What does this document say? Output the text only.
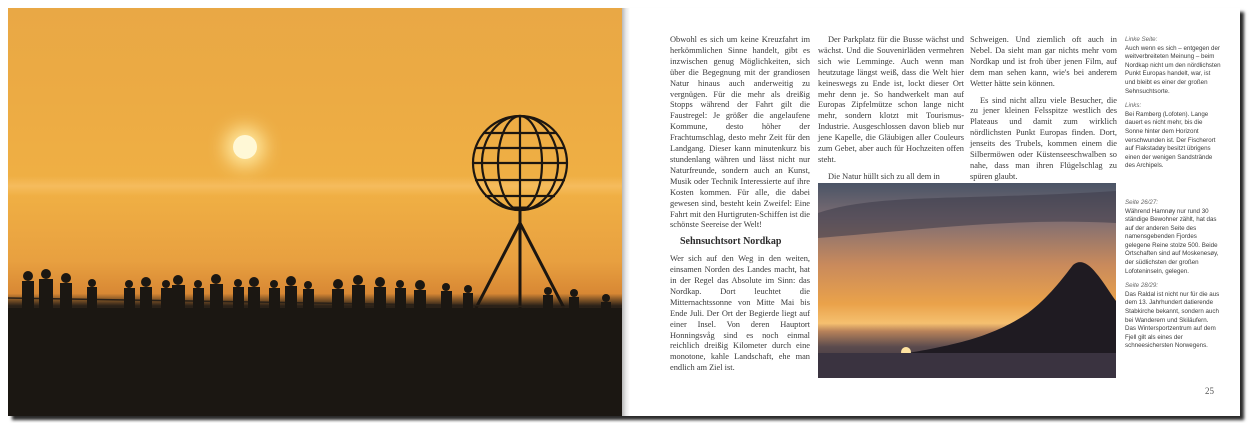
Obwohl es sich um keine Kreuzfahrt im herkömmlichen Sinne handelt, gibt es inzwischen genug Möglichkeiten, sich über die Begegnung mit der grandiosen Natur hinaus auch anderweitig zu vergnügen. Für die mehr als dreißig Stopps während der Fahrt gilt die Faustregel: Je größer die angelaufene Kommune, desto höher der Frachtumschlag, desto mehr Zeit für den Landgang. Dieser kann minutenkurz bis stundenlang währen und lässt nicht nur Naturfreunde, sondern auch an Kunst, Musik oder Technik Interessierte auf ihre Kosten kommen. Für alle, die dabei gewesen sind, besteht kein Zweifel: Eine Fahrt mit den Hurtigruten-Schiffen ist die schönste Seereise der Welt!

Sehnsuchtsort Nordkap

Wer sich auf den Weg in den weiten, einsamen Norden des Landes macht, hat in der Regel das Absolute im Sinn: das Nordkap. Dort leuchtet die Mitternachtssonne von Mitte Mai bis Ende Juli. Der Ort der Begierde liegt auf einer Insel. Von deren Hauptort Honningsvåg sind es noch einmal reichlich dreißig Kilometer durch eine monotone, kahle Landschaft, ehe man endlich am Ziel ist.

Der Parkplatz für die Busse wächst und wächst. Und die Souvenirläden vermehren sich wie Lemminge. Auch wenn man heutzutage längst weiß, dass die Welt hier keineswegs zu Ende ist, lockt dieser Ort mehr denn je. So handwerkelt man auf Europas Zipfelmütze schon lange nicht mehr, sondern klotzt mit Tourismus-Industrie. Ausgeschlossen davon blieb nur jene Kapelle, die Gläubigen aller Couleurs zum Gebet, aber auch für Hochzeiten offen steht.

Die Natur hüllt sich zu all dem in

Schweigen. Und ziemlich oft auch in Nebel. Da sieht man gar nichts mehr vom Nordkap und ist froh über jenen Film, auf dem man sehen kann, wie's bei anderem Wetter hätte sein können.

Es sind nicht allzu viele Besucher, die zu jener kleinen Felsspitze westlich des Plateaus und damit zum wirklich nördlichsten Punkt Europas finden. Dort, jenseits des Trubels, kommen einem die Silbermöwen oder Küstenseeschwalben so nahe, dass man ihren Flügelschlag zu spüren glaubt.

Linke Seite:
Auch wenn es sich – entgegen der weitverbreiteten Meinung – beim Nordkap nicht um den nördlichsten Punkt Europas handelt, war, ist und bleibt es einer der großen Sehnsuchtsorte.
Links:
Bei Ramberg (Lofoten). Lange dauert es nicht mehr, bis die Sonne hinter dem Horizont verschwunden ist. Der Fischerort auf Flakstadøy besitzt übrigens einen der wenigen Sandstrände des Archipels.
Seite 26/27:
Während Hamnøy nur rund 30 ständige Bewohner zählt, hat das auf der anderen Seite des namensgebenden Fjordes gelegene Reine stolze 500. Beide Ortschaften sind auf Moskenesøy, der südlichsten der großen Lofoteninseln, gelegen.
Seite 28/29:
Das Raldal ist nicht nur für die aus dem 13. Jahrhundert datierende Stabkirche bekannt, sondern auch bei Wanderern und Skiläufern. Das Wintersportzentrum auf dem Fjell gilt als eines der schneesichersten Norwegens.
25
